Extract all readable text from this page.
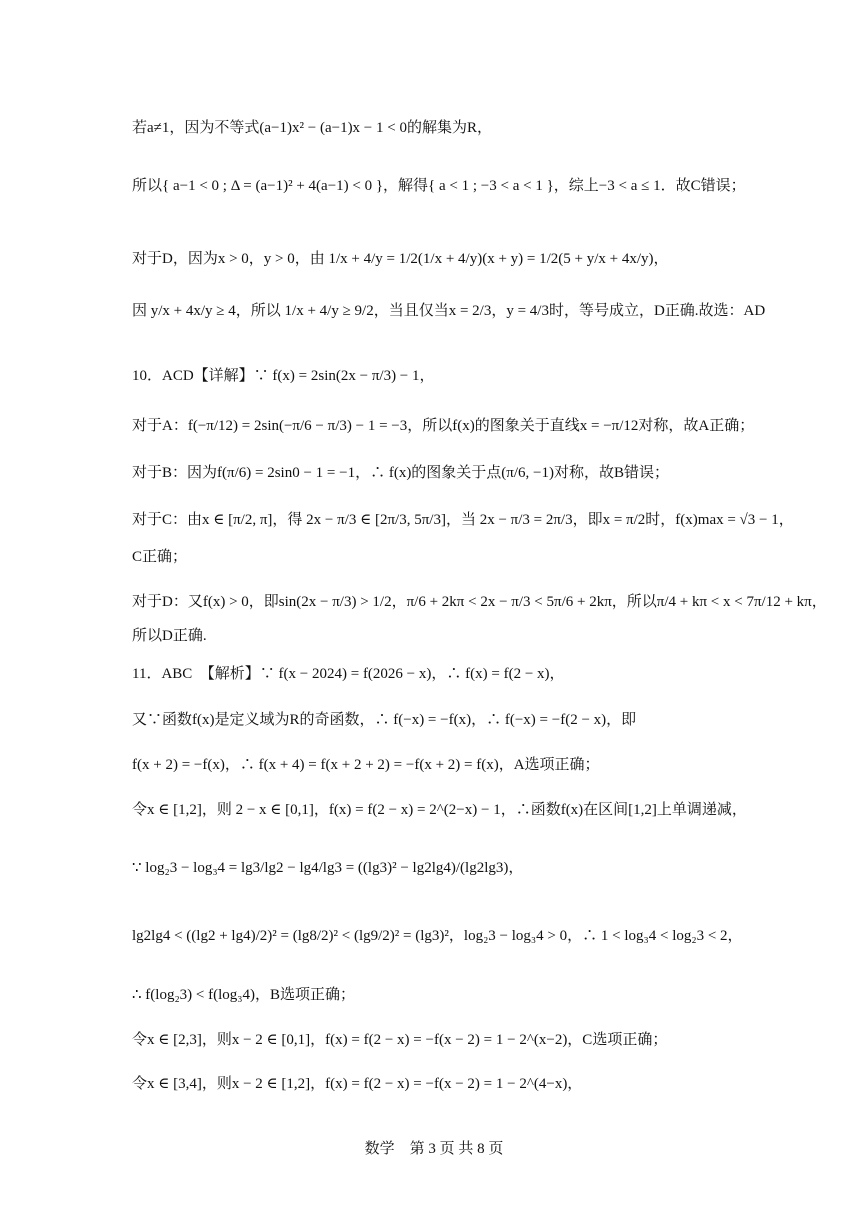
若a≠1，因为不等式(a−1)x² − (a−1)x − 1 < 0的解集为R，
所以{ a−1 < 0 ; Δ = (a−1)² + 4(a−1) < 0 }，解得{ a < 1 ; −3 < a < 1 }，综上−3 < a ≤ 1．故C错误；
对于D，因为x > 0，y > 0，由 1/x + 4/y = 1/2(1/x + 4/y)(x + y) = 1/2(5 + y/x + 4x/y)，
因 y/x + 4x/y ≥ 4，所以 1/x + 4/y ≥ 9/2，当且仅当x = 2/3，y = 4/3时，等号成立，D正确.故选：AD
10．ACD【详解】∵ f(x) = 2sin(2x − π/3) − 1，
对于A：f(−π/12) = 2sin(−π/6 − π/3) − 1 = −3，所以f(x)的图象关于直线x = −π/12对称，故A正确；
对于B：因为f(π/6) = 2sin0 − 1 = −1，∴ f(x)的图象关于点(π/6, −1)对称，故B错误；
对于C：由x ∈ [π/2, π]，得 2x − π/3 ∈ [2π/3, 5π/3]，当 2x − π/3 = 2π/3，即x = π/2时，f(x)max = √3 − 1，
C正确；
对于D：又f(x) > 0，即sin(2x − π/3) > 1/2，π/6 + 2kπ < 2x − π/3 < 5π/6 + 2kπ，所以π/4 + kπ < x < 7π/12 + kπ，
所以D正确.
11．ABC　【解析】∵ f(x − 2024) = f(2026 − x)，∴ f(x) = f(2 − x)，
又∵函数f(x)是定义域为R的奇函数，∴ f(−x) = −f(x)，∴ f(−x) = −f(2 − x)，即
f(x + 2) = −f(x)，∴ f(x + 4) = f(x + 2 + 2) = −f(x + 2) = f(x)，A选项正确；
令x ∈ [1,2]，则 2 − x ∈ [0,1]，f(x) = f(2 − x) = 2^(2−x) − 1，∴函数f(x)在区间[1,2]上单调递减，
∵ log₂3 − log₃4 = lg3/lg2 − lg4/lg3 = ((lg3)² − lg2lg4)/(lg2lg3)，
lg2lg4 < ((lg2 + lg4)/2)² = (lg8/2)² < (lg9/2)² = (lg3)²，log₂3 − log₃4 > 0，∴ 1 < log₃4 < log₂3 < 2，
∴ f(log₂3) < f(log₃4)，B选项正确；
令x ∈ [2,3]，则x − 2 ∈ [0,1]，f(x) = f(2 − x) = −f(x − 2) = 1 − 2^(x−2)，C选项正确；
令x ∈ [3,4]，则x − 2 ∈ [1,2]，f(x) = f(2 − x) = −f(x − 2) = 1 − 2^(4−x)，
数学　第 3 页 共 8 页
